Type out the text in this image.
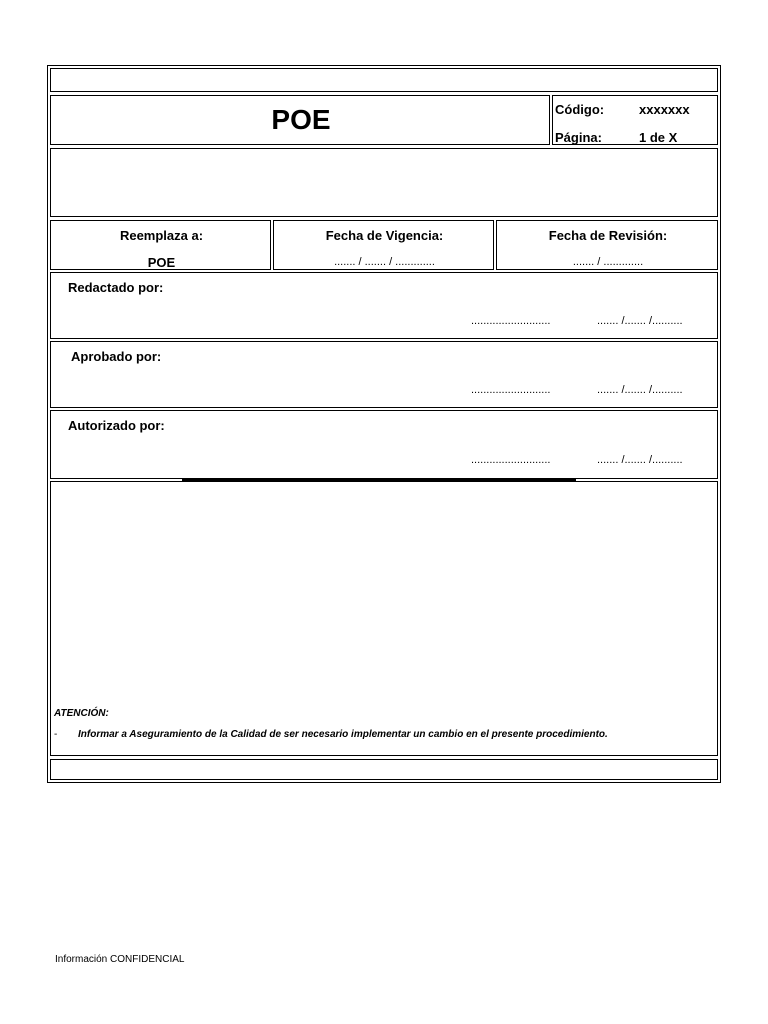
POE	Código:	xxxxxxx
Página:	1 de X
Reemplaza a:
POE
Fecha de Vigencia:
....... / ....... / .............
Fecha de Revisión:
....... / .............
Redactado por:
..........................	....... /....... /..........
Aprobado por:
..........................	....... /....... /..........
Autorizado por:
..........................	....... /....... /..........
ATENCIÓN:
- Informar a Aseguramiento de la Calidad de ser necesario implementar un cambio en el presente procedimiento.
Información CONFIDENCIAL
